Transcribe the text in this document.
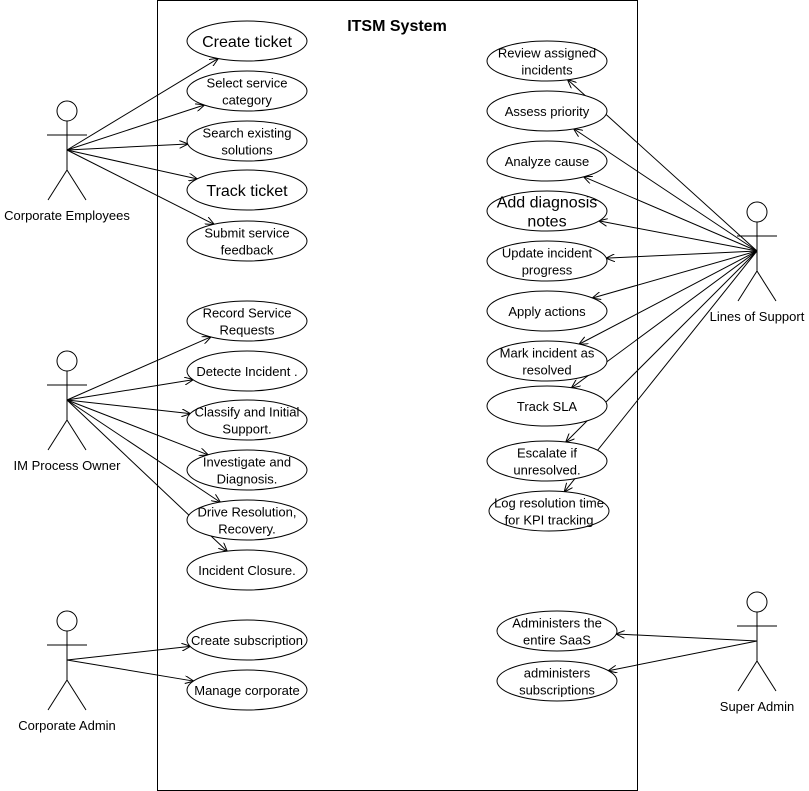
ITSM System
Create ticket
Select service
category
Search existing
solutions
Track ticket
Submit service
feedback
Record Service
Requests
Detecte Incident .
Classify and Initial
Support.
Investigate and
Diagnosis.
Drive Resolution,
Recovery.
Incident Closure.
Create subscription
Manage corporate
Review assigned
incidents
Assess priority
Analyze cause
Add diagnosis
notes
Update incident
progress
Apply actions
Mark incident as
resolved
Track SLA
Escalate if
unresolved.
Log resolution time
for KPI tracking
Administers the
entire SaaS
administers
subscriptions
Corporate Employees
IM Process Owner
Corporate Admin
Lines of Support
Super Admin
